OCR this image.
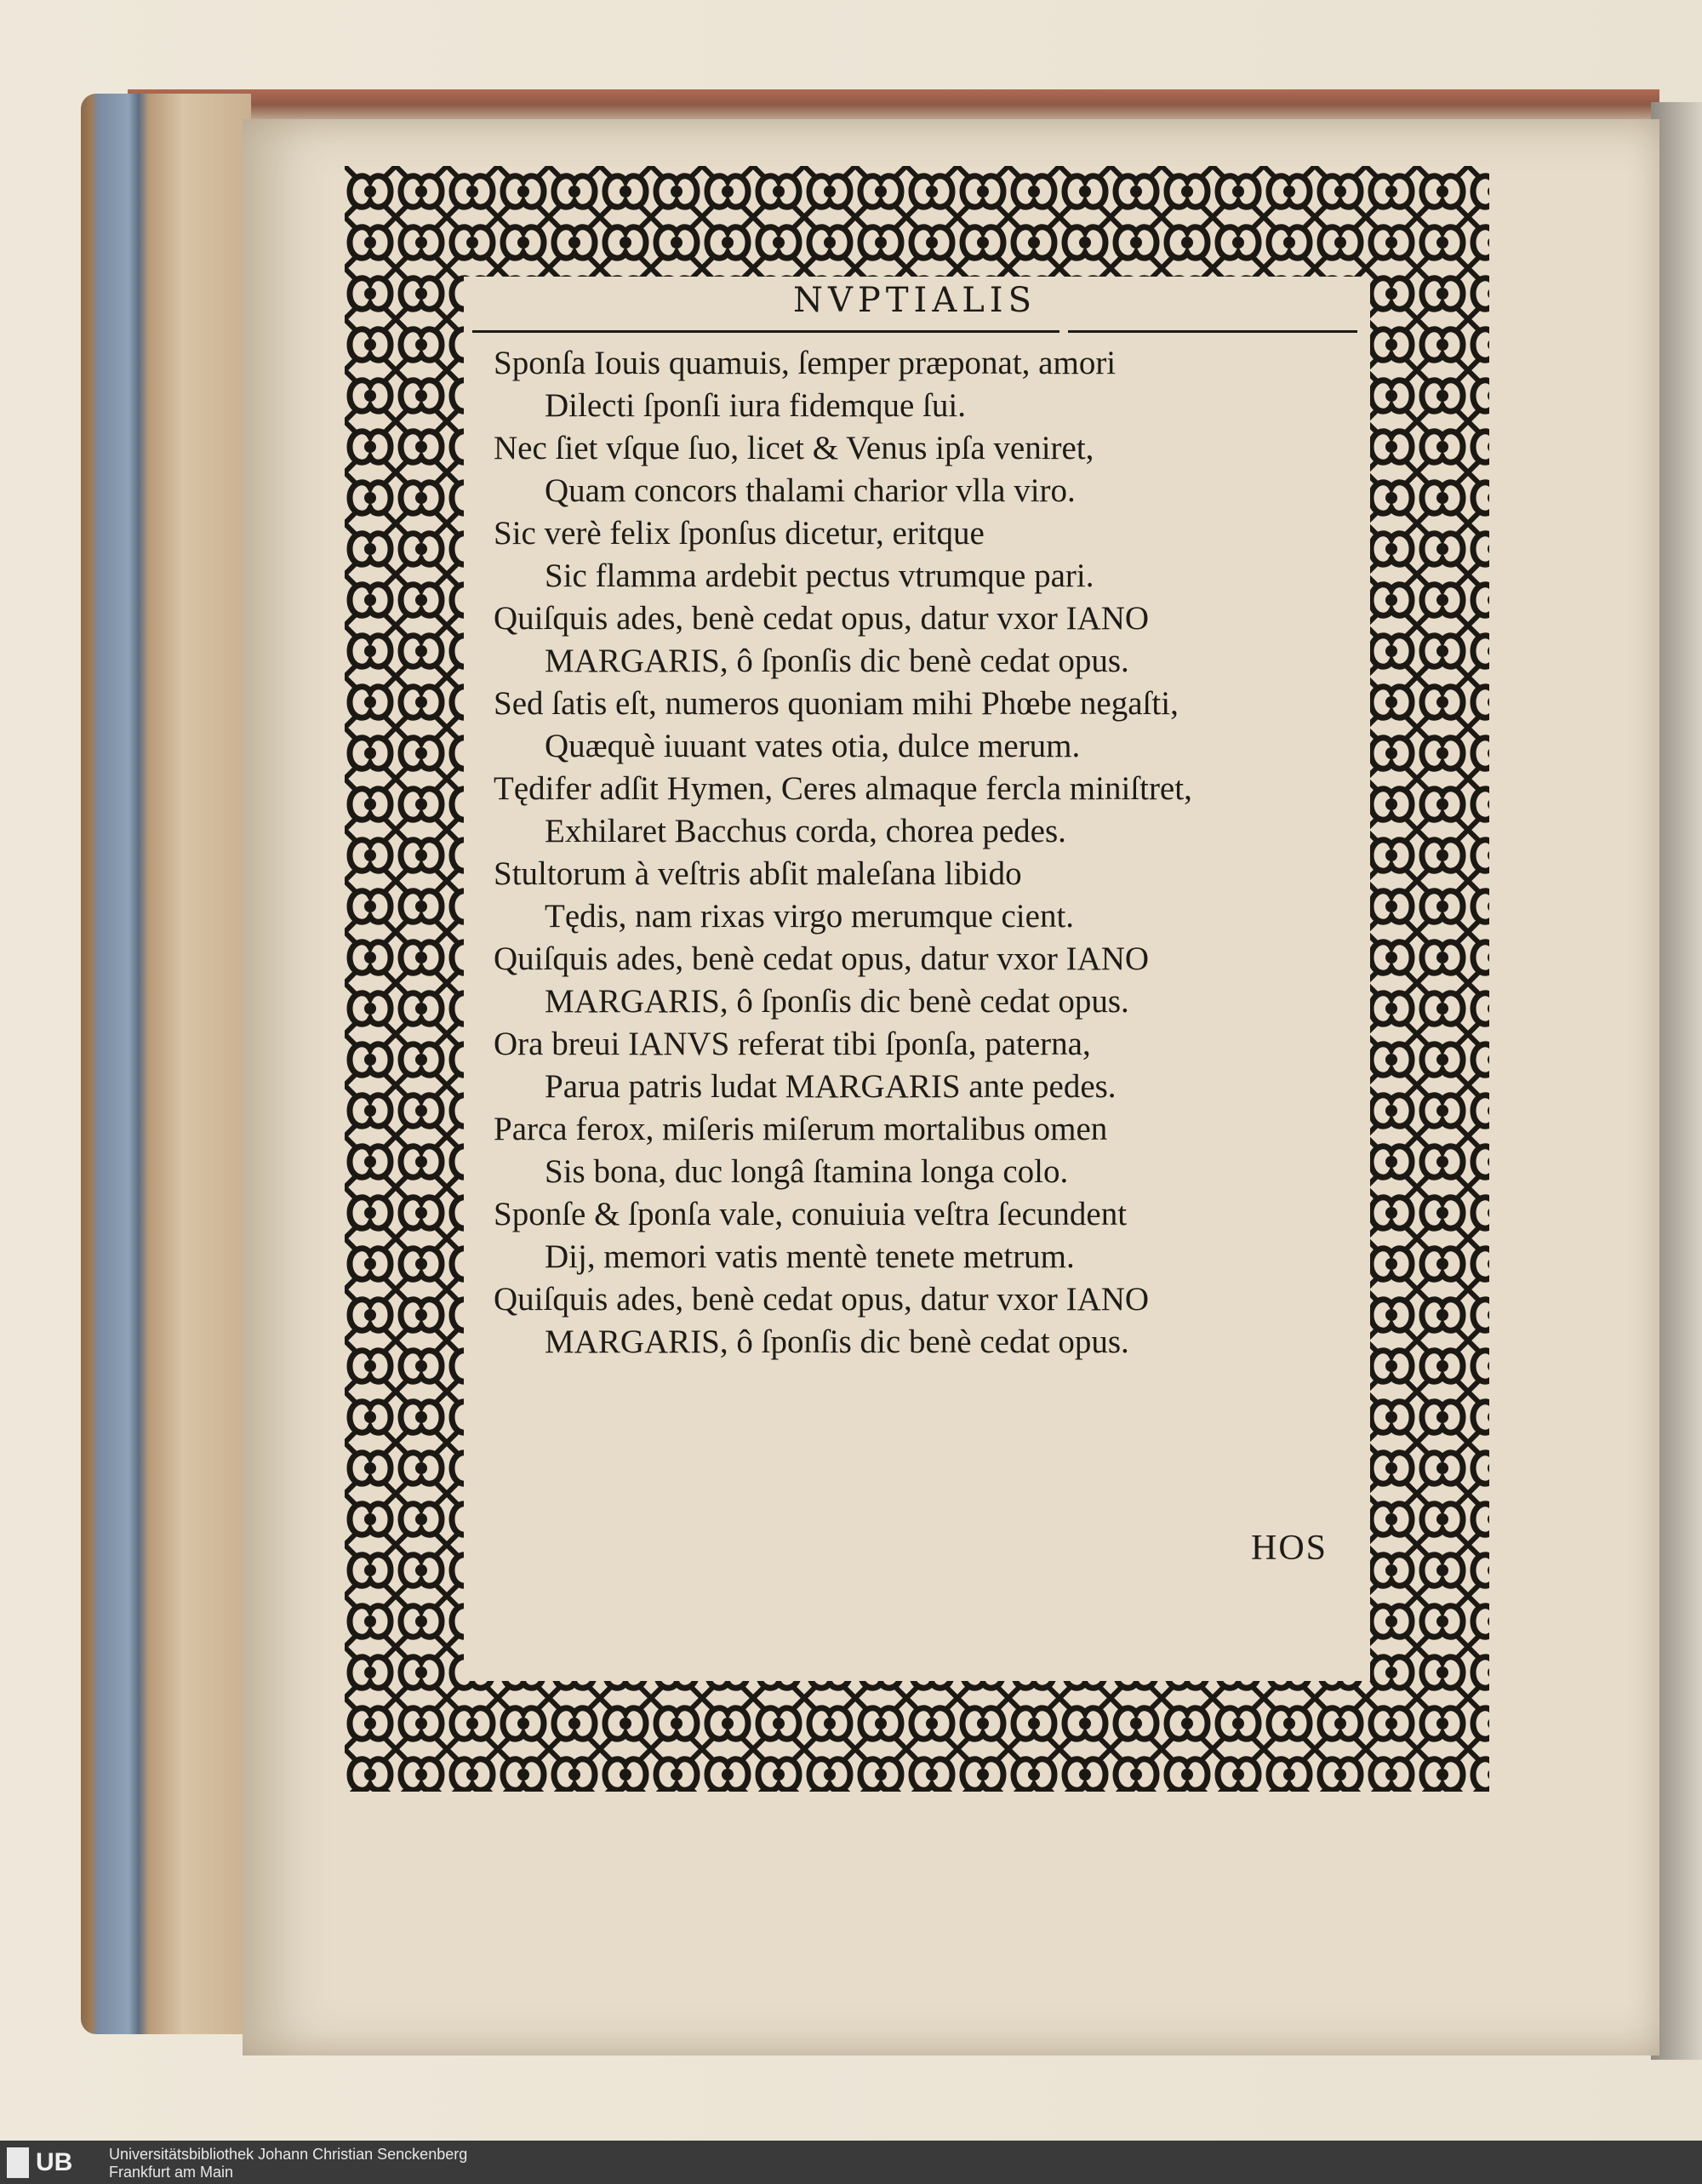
NVPTIALIS
Sponſa Iouis quamuis, ſemper præponat, amori
Dilecti ſponſi iura fidemque ſui.
Nec ſiet vſque ſuo, licet & Venus ipſa veniret,
Quam concors thalami charior vlla viro.
Sic verè felix ſponſus dicetur, eritque
Sic flamma ardebit pectus vtrumque pari.
Quiſquis ades, benè cedat opus, datur vxor IANO
MARGARIS, ô ſponſis dic benè cedat opus.
Sed ſatis eſt, numeros quoniam mihi Phœbe negaſti,
Quæquè iuuant vates otia, dulce merum.
Tędifer adſit Hymen, Ceres almaque fercla miniſtret,
Exhilaret Bacchus corda, chorea pedes.
Stultorum à veſtris abſit maleſana libido
Tędis, nam rixas virgo merumque cient.
Quiſquis ades, benè cedat opus, datur vxor IANO
MARGARIS, ô ſponſis dic benè cedat opus.
Ora breui IANVS referat tibi ſponſa, paterna,
Parua patris ludat MARGARIS ante pedes.
Parca ferox, miſeris miſerum mortalibus omen
Sis bona, duc longâ ſtamina longa colo.
Sponſe & ſponſa vale, conuiuia veſtra ſecundent
Dij, memori vatis mentè tenete metrum.
Quiſquis ades, benè cedat opus, datur vxor IANO
MARGARIS, ô ſponſis dic benè cedat opus.
HOS
UB Universitätsbibliothek Johann Christian Senckenberg
Frankfurt am Main
